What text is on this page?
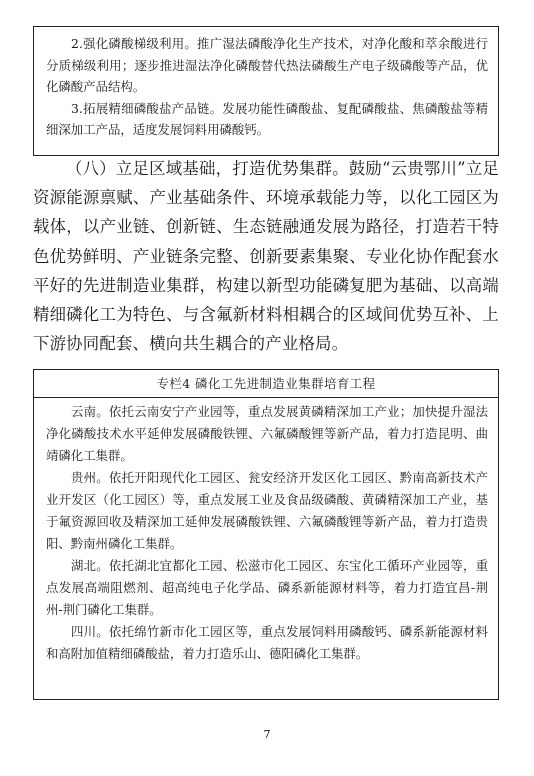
2.强化磷酸梯级利用。推广湿法磷酸净化生产技术，对净化酸和萃余酸进行分质梯级利用；逐步推进湿法净化磷酸替代热法磷酸生产电子级磷酸等产品，优化磷酸产品结构。

3.拓展精细磷酸盐产品链。发展功能性磷酸盐、复配磷酸盐、焦磷酸盐等精细深加工产品，适度发展饲料用磷酸钙。

（八）立足区域基础，打造优势集群。鼓励“云贵鄂川”立足资源能源禀赋、产业基础条件、环境承载能力等，以化工园区为载体，以产业链、创新链、生态链融通发展为路径，打造若干特色优势鲜明、产业链条完整、创新要素集聚、专业化协作配套水平好的先进制造业集群，构建以新型功能磷复肥为基础、以高端精细磷化工为特色、与含氟新材料相耦合的区域间优势互补、上下游协同配套、横向共生耦合的产业格局。

专栏4 磷化工先进制造业集群培育工程

云南。依托云南安宁产业园等，重点发展黄磷精深加工产业；加快提升湿法净化磷酸技术水平延伸发展磷酸铁锂、六氟磷酸锂等新产品，着力打造昆明、曲靖磷化工集群。

贵州。依托开阳现代化工园区、瓮安经济开发区化工园区、黔南高新技术产业开发区（化工园区）等，重点发展工业及食品级磷酸、黄磷精深加工产业，基于氟资源回收及精深加工延伸发展磷酸铁锂、六氟磷酸锂等新产品，着力打造贵阳、黔南州磷化工集群。

湖北。依托湖北宜都化工园、松滋市化工园区、东宝化工循环产业园等，重点发展高端阻燃剂、超高纯电子化学品、磷系新能源材料等，着力打造宜昌-荆州-荆门磷化工集群。

四川。依托绵竹新市化工园区等，重点发展饲料用磷酸钙、磷系新能源材料和高附加值精细磷酸盐，着力打造乐山、德阳磷化工集群。

7
